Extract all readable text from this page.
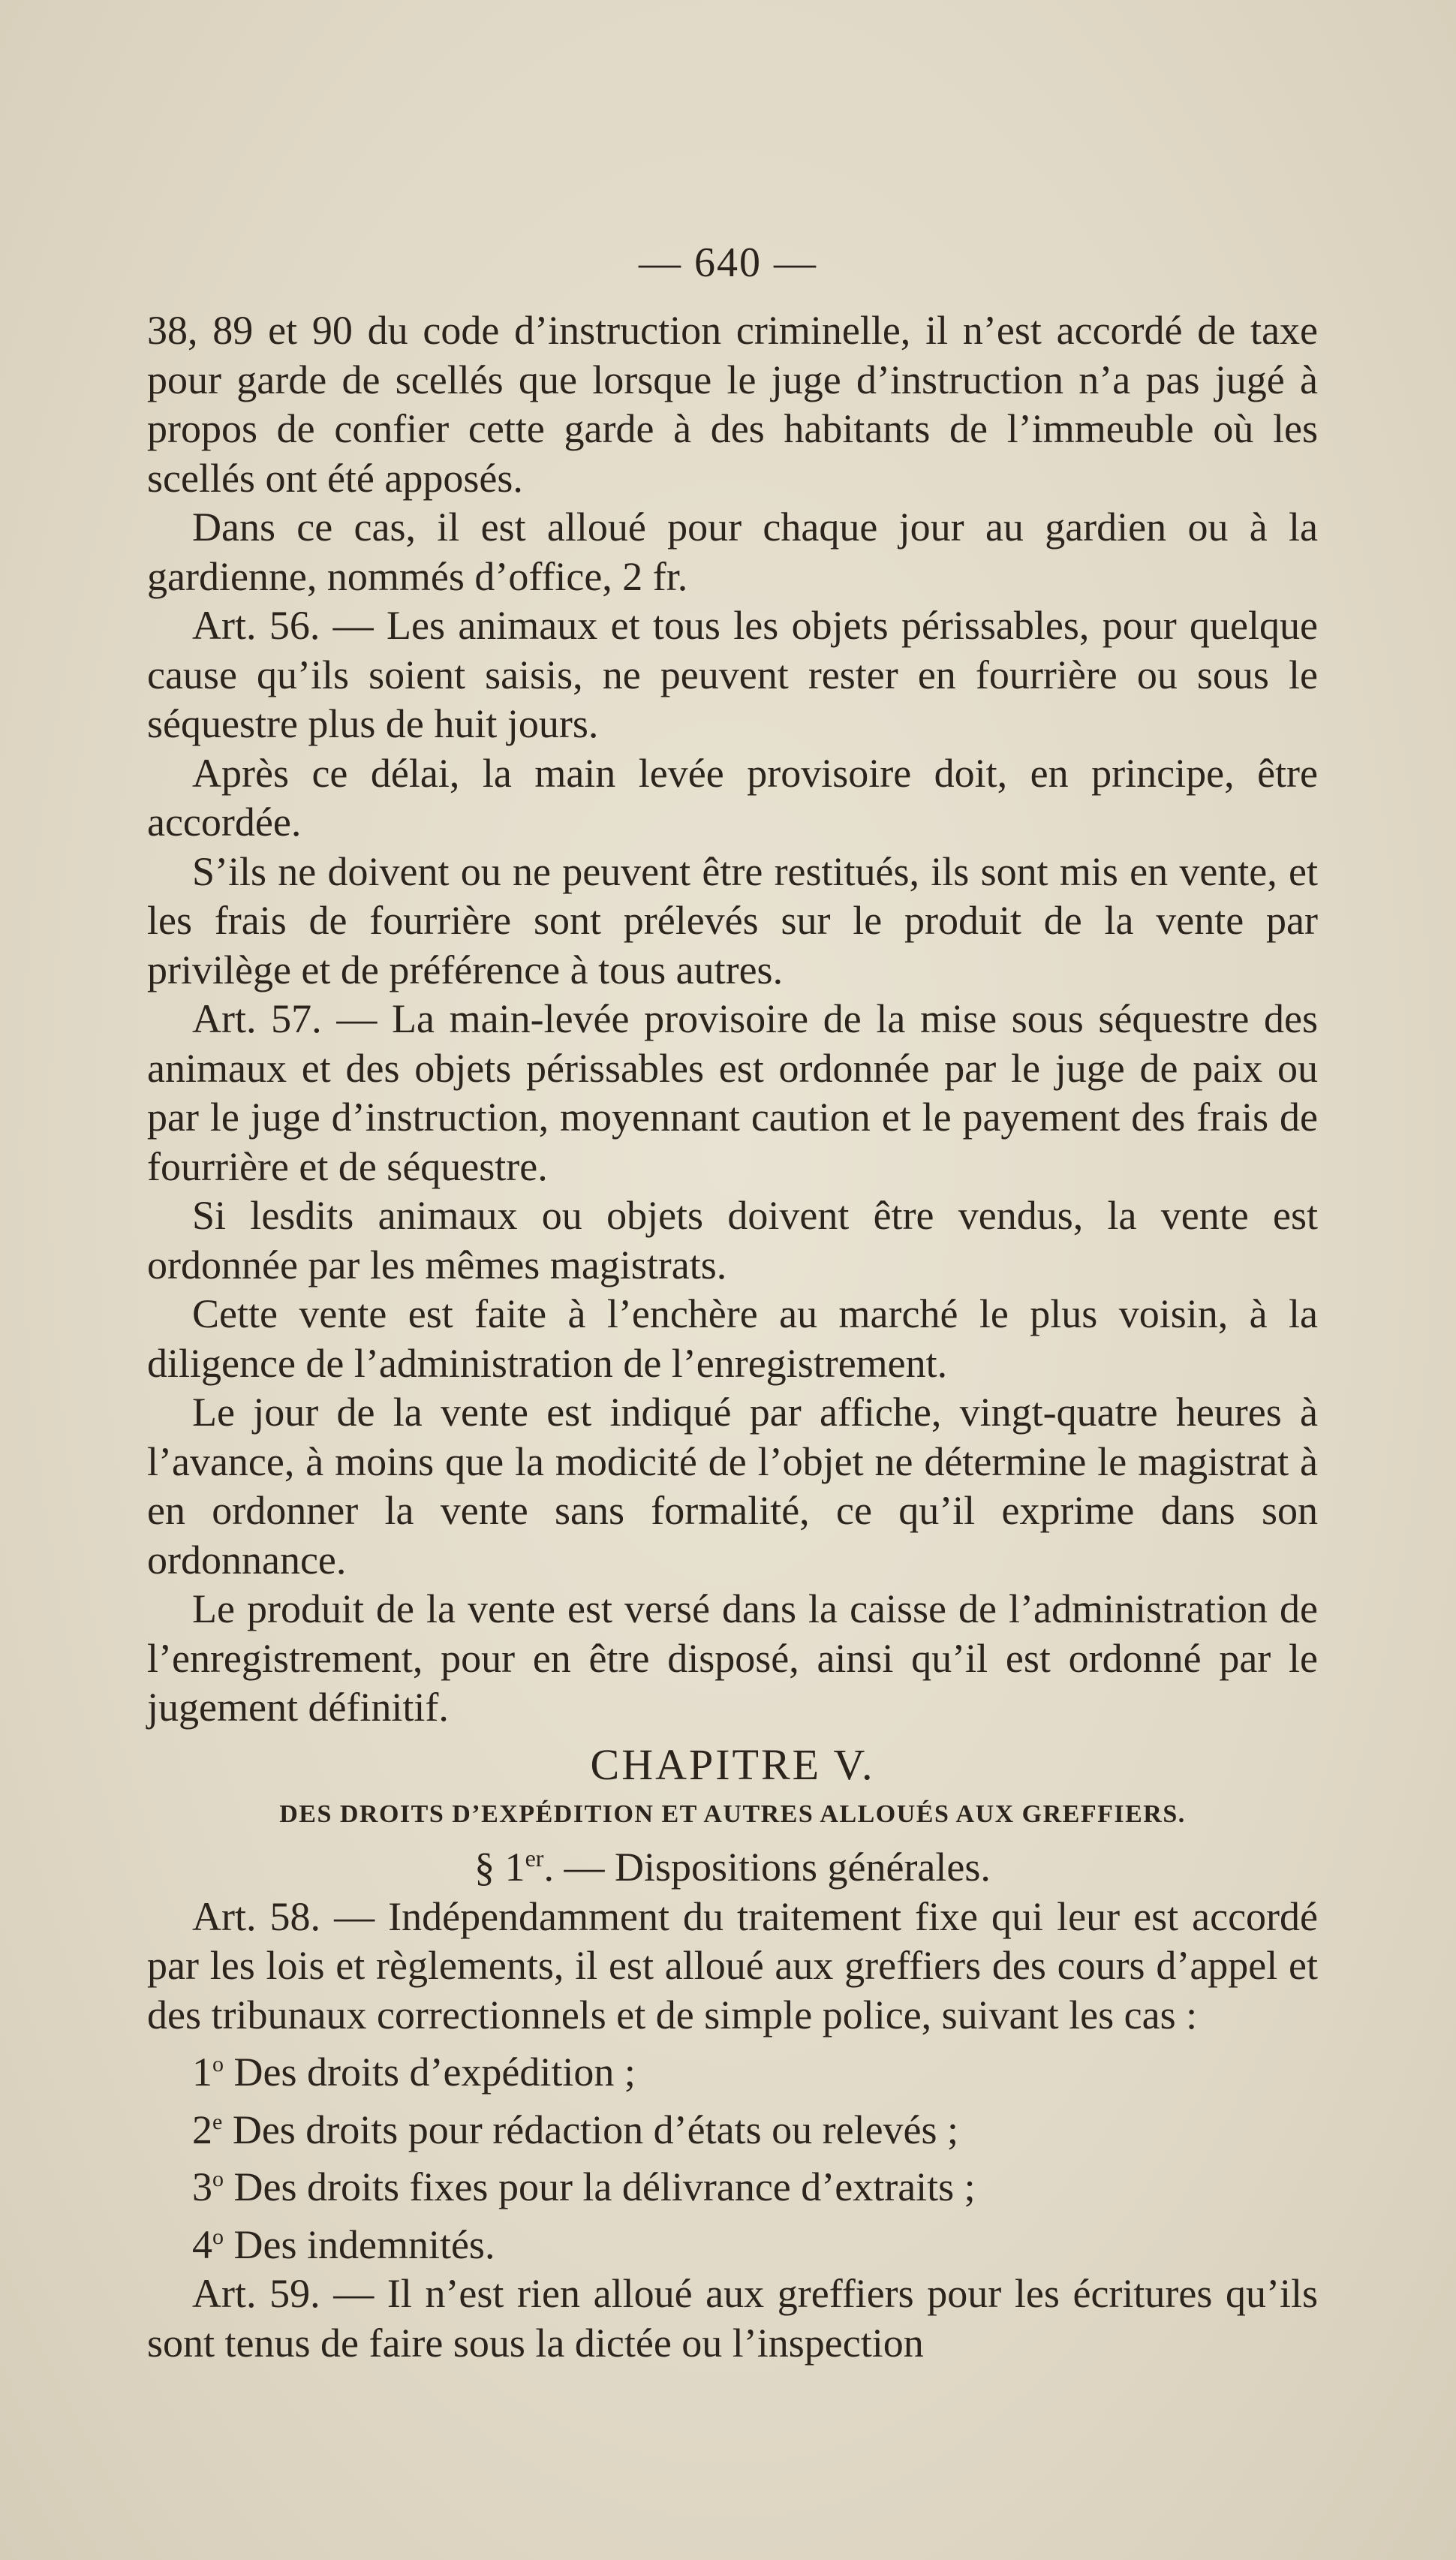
— 640 —

38, 89 et 90 du code d’instruction criminelle, il n’est accordé de taxe pour garde de scellés que lorsque le juge d’instruction n’a pas jugé à propos de confier cette garde à des habitants de l’immeuble où les scellés ont été apposés.

Dans ce cas, il est alloué pour chaque jour au gardien ou à la gardienne, nommés d’office, 2 fr.

Art. 56. — Les animaux et tous les objets périssables, pour quelque cause qu’ils soient saisis, ne peuvent rester en fourrière ou sous le séquestre plus de huit jours.

Après ce délai, la main levée provisoire doit, en principe, être accordée.

S’ils ne doivent ou ne peuvent être restitués, ils sont mis en vente, et les frais de fourrière sont prélevés sur le produit de la vente par privilège et de préférence à tous autres.

Art. 57. — La main-levée provisoire de la mise sous séquestre des animaux et des objets périssables est ordonnée par le juge de paix ou par le juge d’instruction, moyennant caution et le payement des frais de fourrière et de séquestre.

Si lesdits animaux ou objets doivent être vendus, la vente est ordonnée par les mêmes magistrats.

Cette vente est faite à l’enchère au marché le plus voisin, à la diligence de l’administration de l’enregistrement.

Le jour de la vente est indiqué par affiche, vingt-quatre heures à l’avance, à moins que la modicité de l’objet ne détermine le magistrat à en ordonner la vente sans formalité, ce qu’il exprime dans son ordonnance.

Le produit de la vente est versé dans la caisse de l’administration de l’enregistrement, pour en être disposé, ainsi qu’il est ordonné par le jugement définitif.

CHAPITRE V.
DES DROITS D’EXPÉDITION ET AUTRES ALLOUÉS AUX GREFFIERS.
§ 1er. — Dispositions générales.

Art. 58. — Indépendamment du traitement fixe qui leur est accordé par les lois et règlements, il est alloué aux greffiers des cours d’appel et des tribunaux correctionnels et de simple police, suivant les cas :

1$^o$ Des droits d’expédition ;

2e Des droits pour rédaction d’états ou relevés ;

3$^o$ Des droits fixes pour la délivrance d’extraits ;

4$^o$ Des indemnités.

Art. 59. — Il n’est rien alloué aux greffiers pour les écritures qu’ils sont tenus de faire sous la dictée ou l’inspection
